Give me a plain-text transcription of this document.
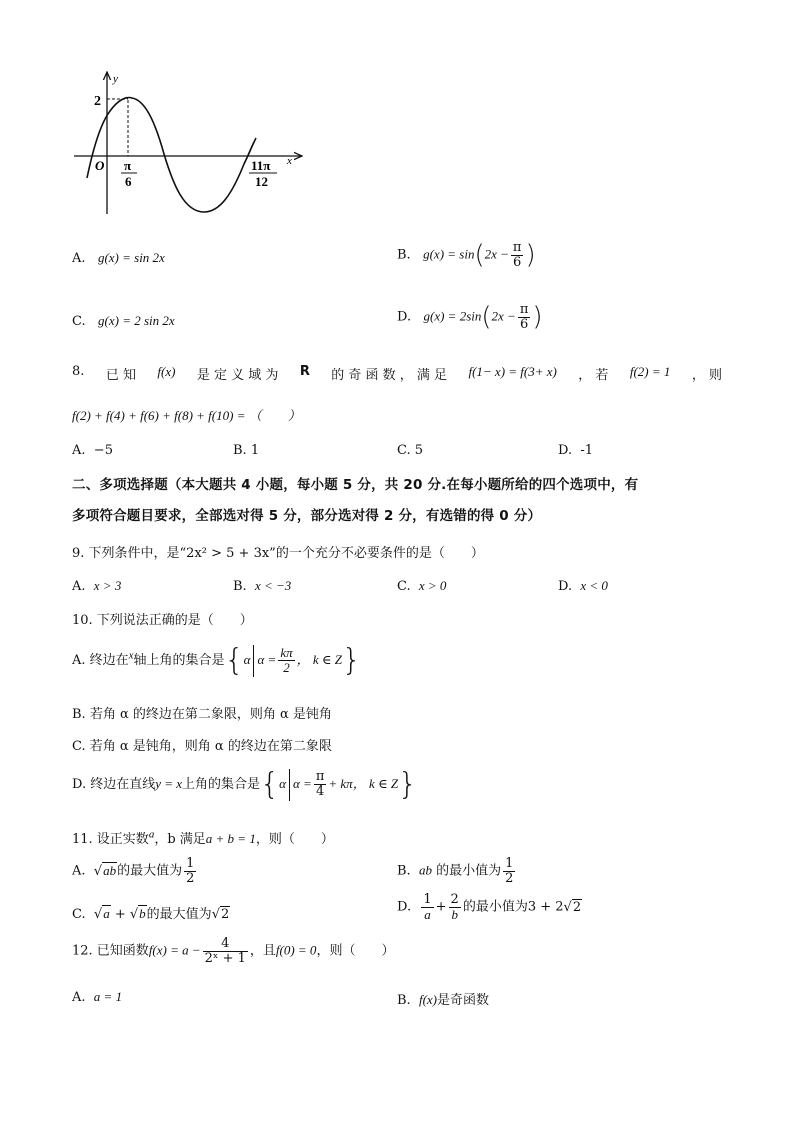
y
x
O
2
π
6
11π
12
A. g(x) = sin 2x	B. $g(x) = \sin(2x - \frac{\pi}{6}$ )
C. g(x) = 2 sin 2x	D. $g(x) = 2\sin(2x - \frac{\pi}{6}$ )
8. 已 知 f(x) 是 定 义 域 为 R 的 奇 函 数 ， 满 足 f(1− x) = f(3+ x) ， 若 f(2) = 1 ， 则
f(2) + f(4) + f(6) + f(8) + f(10) = （　　）
A. −5	B. 1	C. 5	D. -1
二、多项选择题（本大题共 4 小题，每小题 5 分，共 20 分.在每小题所给的四个选项中，有
多项符合题目要求，全部选对得 5 分，部分选对得 2 分，有选错的得 0 分）
9. 下列条件中，是“2x² > 5 + 3x”的一个充分不必要条件的是（　　）
A. x > 3	B. x < −3	C. x > 0	D. x < 0
10. 下列说法正确的是（　　）
A. 终边在$^x$轴上角的集合是{α $\alpha = \frac{k\pi}{2}$ ， k ∈ Z}
B. 若角 α 的终边在第二象限，则角 α 是钝角
C. 若角 α 是钝角，则角 α 的终边在第二象限
D. 终边在直线y = x上角的集合是{α $\alpha = \frac{\pi}{4} + k\pi$， k ∈ Z}
11. 设正实数$^a$，b 满足a + b = 1，则（　　）
A. √ab的最大值为 $\frac{1}{2}$	B. ab 的最小值为 $\frac{1}{2}$
C. √a + √b的最大值为√2	D. $\frac{1}{a} + \frac{2}{b}$ 的最小值为3 + 2√2
12. 已知函数$f(x) = a - \frac{4}{\text{2ˣ + 1}}$ ，且f(0) = 0，则（　　）
A. a = 1	B. f(x)是奇函数
